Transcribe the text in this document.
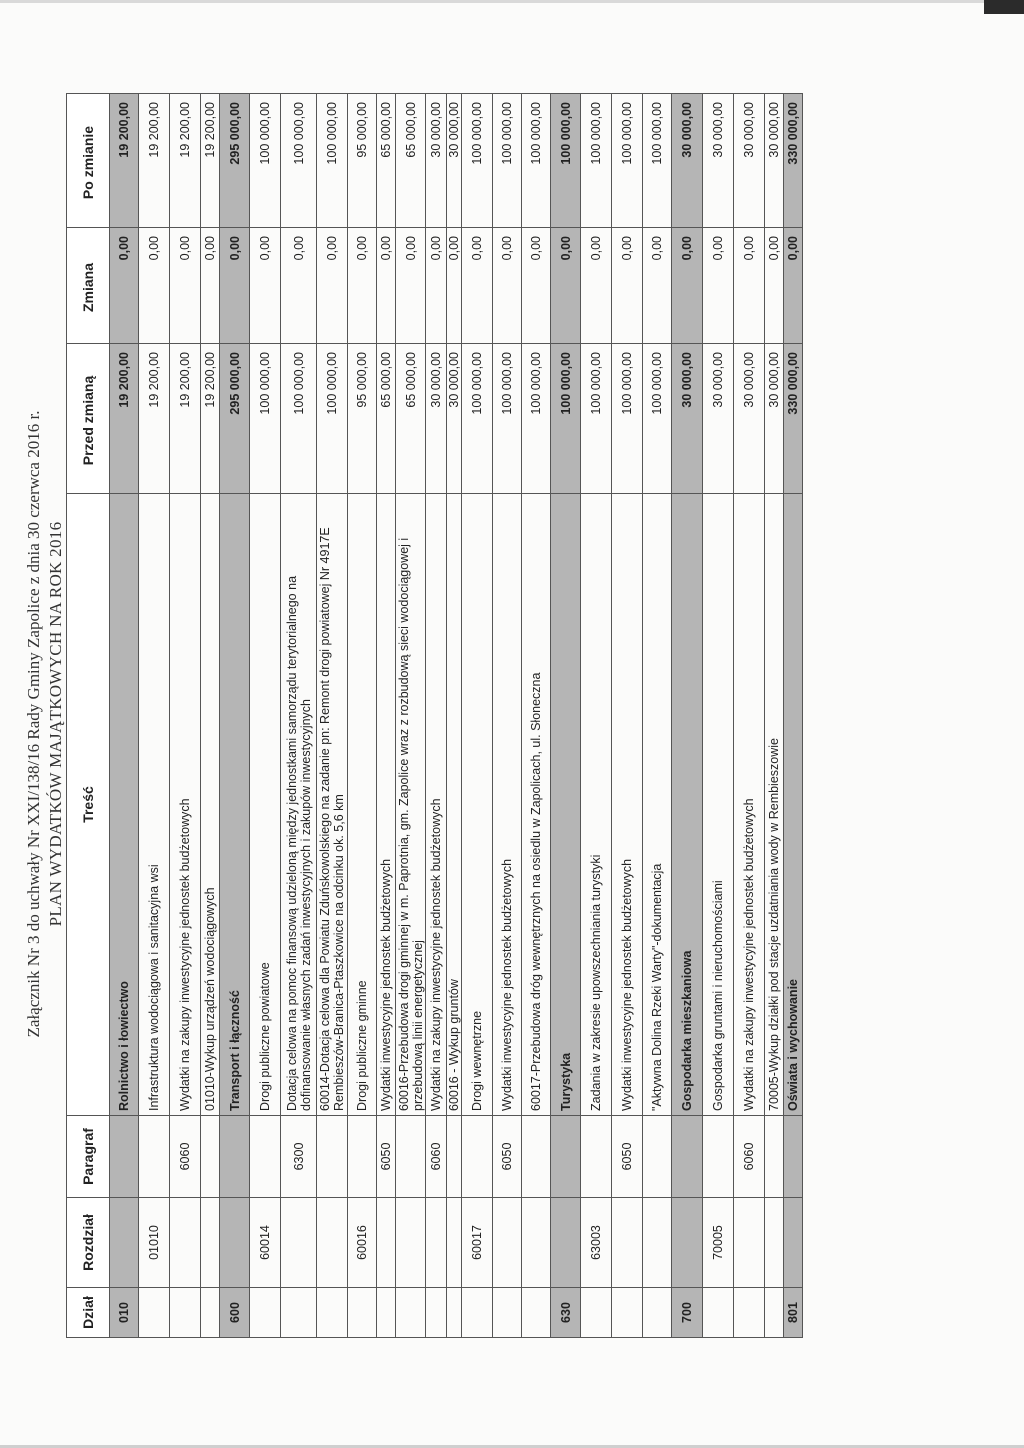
Załącznik Nr 3 do uchwały Nr XXI/138/16 Rady Gminy Zapolice z dnia 30 czerwca 2016 r. PLAN WYDATKÓW MAJĄTKOWYCH NA ROK 2016
Dział	Rozdział	Paragraf	Treść	Przed zmianą	Zmiana	Po zmianie
010			Rolnictwo i łowiectwo	19 200,00	0,00	19 200,00
	01010		Infrastruktura wodociągowa i sanitacyjna wsi	19 200,00	0,00	19 200,00
		6060	Wydatki na zakupy inwestycyjne jednostek budżetowych	19 200,00	0,00	19 200,00
			01010-Wykup urządzeń wodociągowych	19 200,00	0,00	19 200,00
600			Transport i łączność	295 000,00	0,00	295 000,00
	60014		Drogi publiczne powiatowe	100 000,00	0,00	100 000,00
		6300	Dotacja celowa na pomoc finansową udzieloną między jednostkami samorządu terytorialnego na dofinansowanie własnych zadań inwestycyjnych i zakupów inwestycyjnych	100 000,00	0,00	100 000,00
			60014-Dotacja celowa dla Powiatu Zduńskowolskiego na zadanie pn: Remont drogi powiatowej Nr 4917E Rembieszów-Branica-Ptaszkowice na odcinku ok. 5,6 km	100 000,00	0,00	100 000,00
	60016		Drogi publiczne gminne	95 000,00	0,00	95 000,00
		6050	Wydatki inwestycyjne jednostek budżetowych	65 000,00	0,00	65 000,00
			60016-Przebudowa drogi gminnej w m. Paprotnia, gm. Zapolice wraz z rozbudową sieci wodociągowej i przebudową linii energetycznej	65 000,00	0,00	65 000,00
		6060	Wydatki na zakupy inwestycyjne jednostek budżetowych	30 000,00	0,00	30 000,00
			60016 - Wykup gruntów	30 000,00	0,00	30 000,00
	60017		Drogi wewnętrzne	100 000,00	0,00	100 000,00
		6050	Wydatki inwestycyjne jednostek budżetowych	100 000,00	0,00	100 000,00
			60017-Przebudowa dróg wewnętrznych na osiedlu w Zapolicach, ul. Słoneczna	100 000,00	0,00	100 000,00
630			Turystyka	100 000,00	0,00	100 000,00
	63003		Zadania w zakresie upowszechniania turystyki	100 000,00	0,00	100 000,00
		6050	Wydatki inwestycyjne jednostek budżetowych	100 000,00	0,00	100 000,00
			"Aktywna Dolina Rzeki Warty"-dokumentacja	100 000,00	0,00	100 000,00
700			Gospodarka mieszkaniowa	30 000,00	0,00	30 000,00
	70005		Gospodarka gruntami i nieruchomościami	30 000,00	0,00	30 000,00
		6060	Wydatki na zakupy inwestycyjne jednostek budżetowych	30 000,00	0,00	30 000,00
			70005-Wykup działki pod stacje uzdatniania wody w Rembieszowie	30 000,00	0,00	30 000,00
801			Oświata i wychowanie	330 000,00	0,00	330 000,00
